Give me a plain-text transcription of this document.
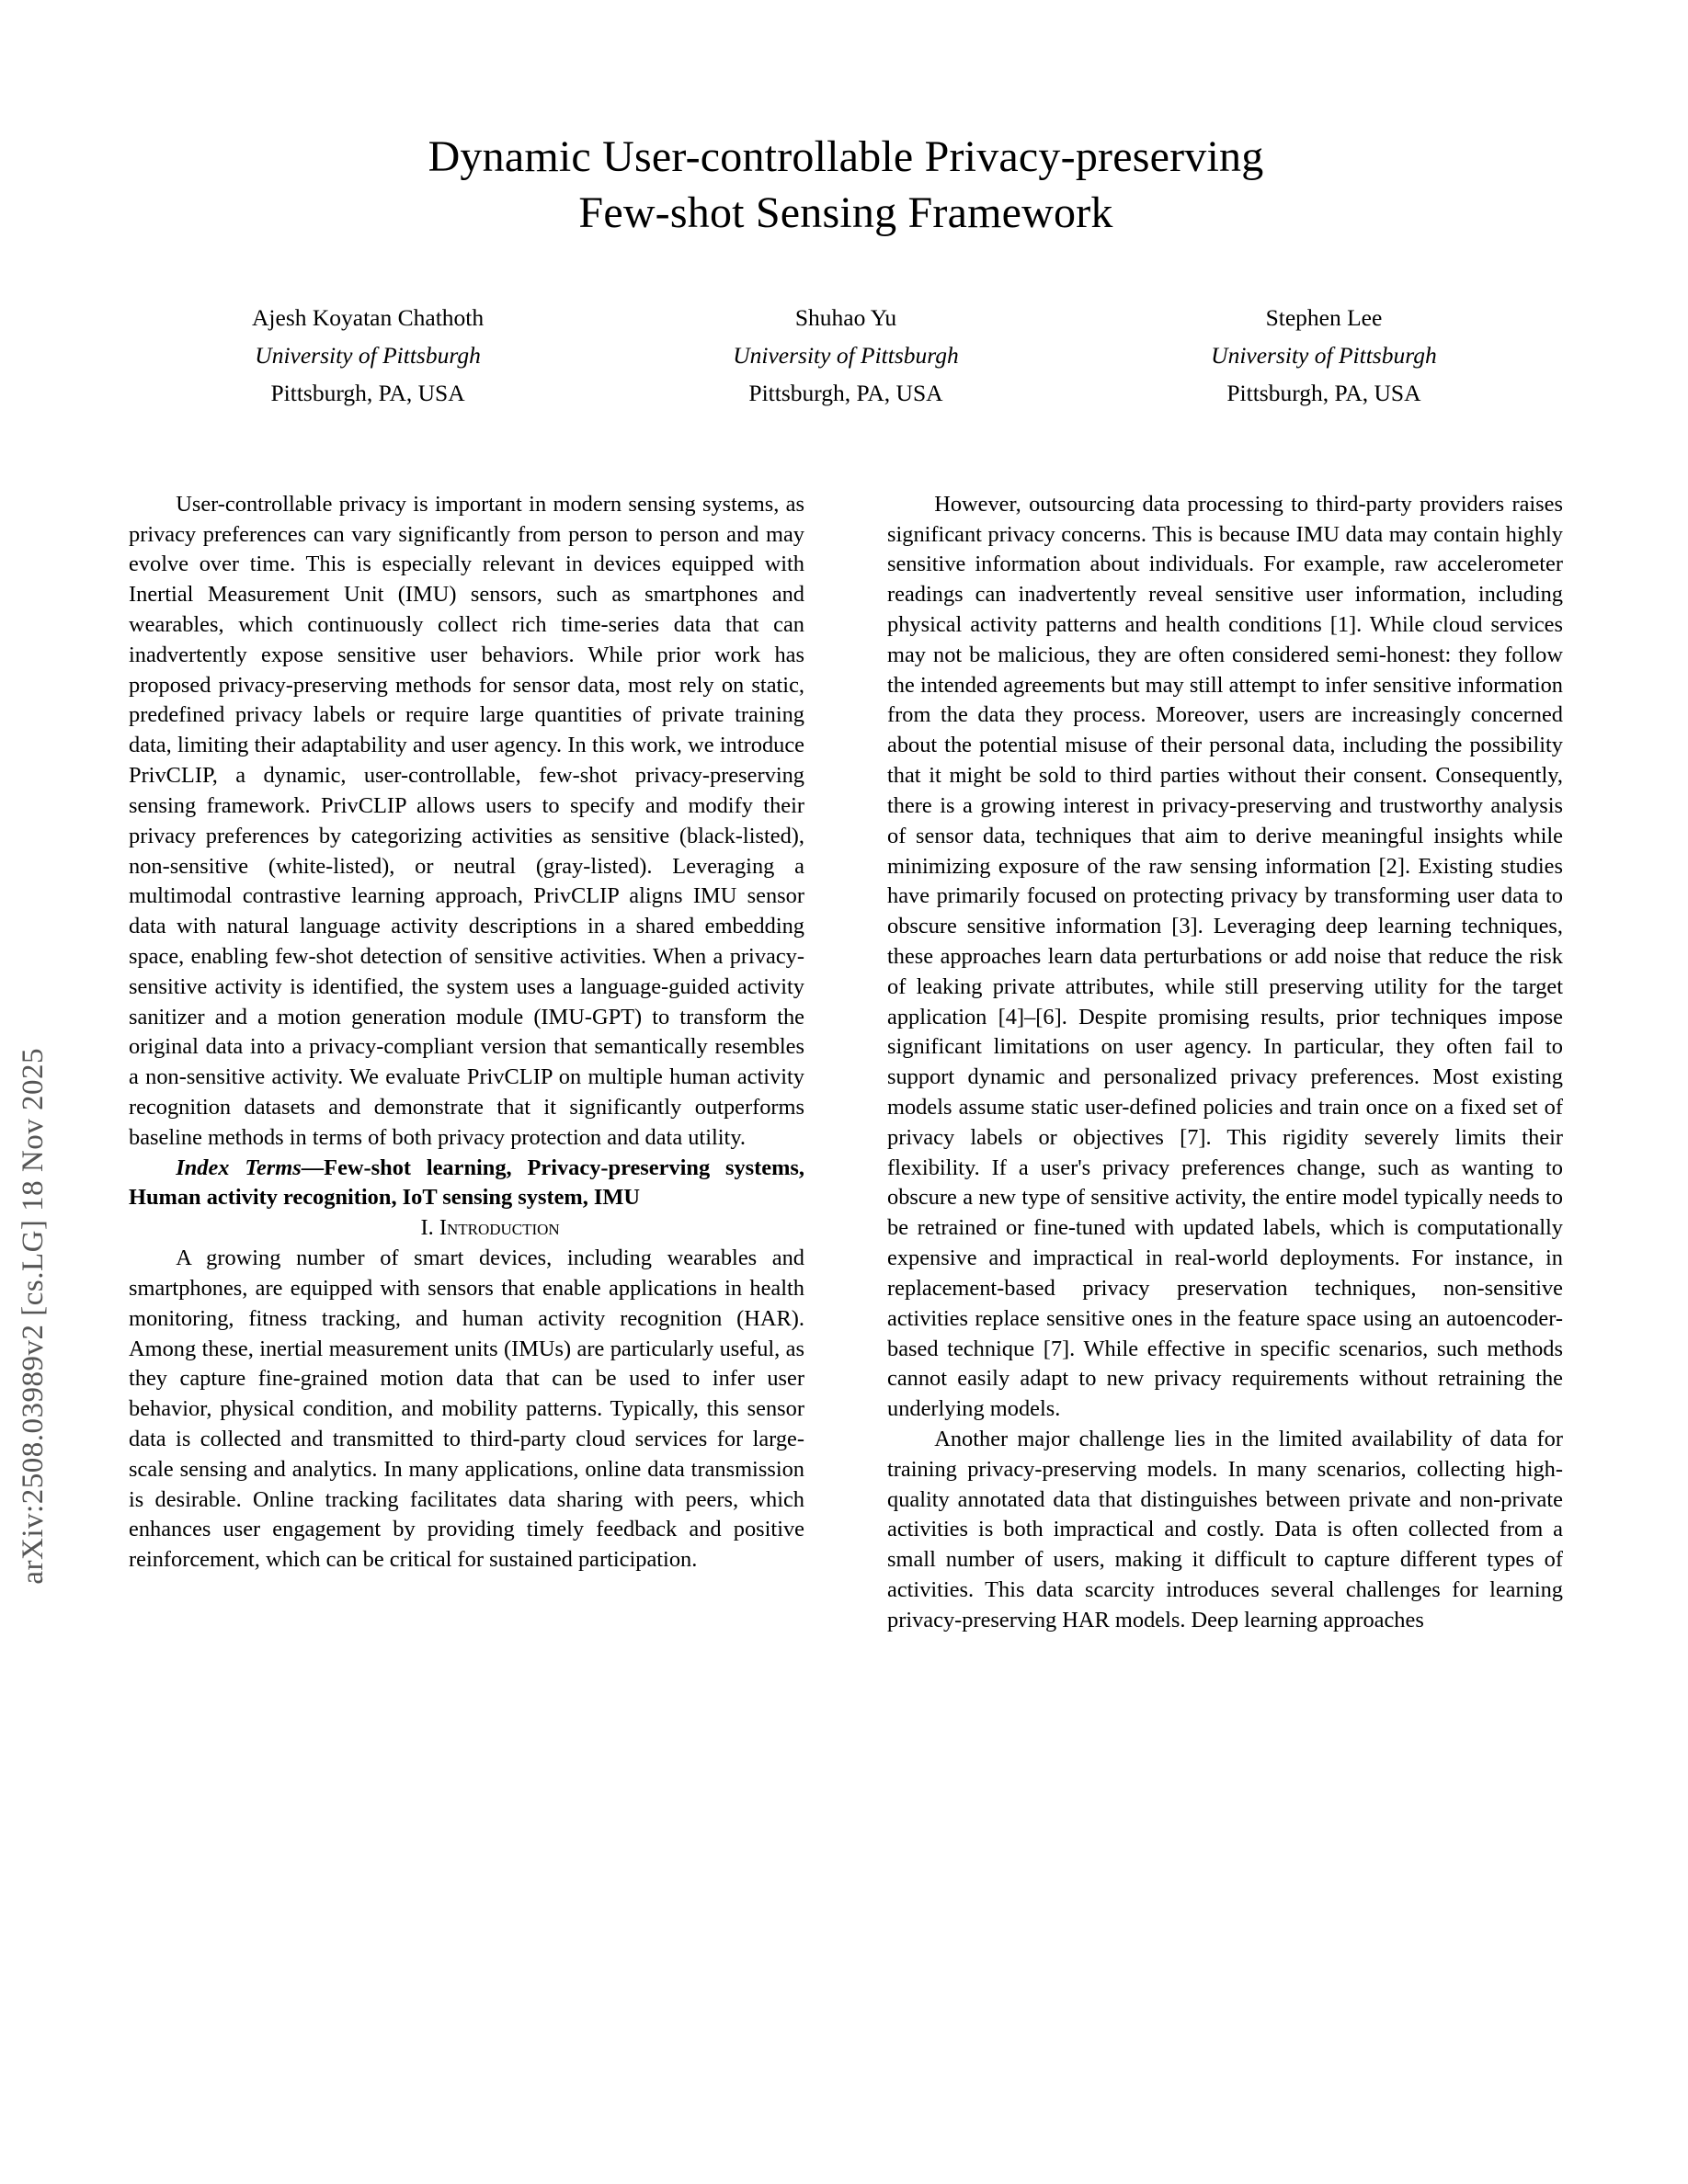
arXiv:2508.03989v2 [cs.LG] 18 Nov 2025
Dynamic User-controllable Privacy-preserving
Few-shot Sensing Framework
Ajesh Koyatan Chathoth
University of Pittsburgh
Pittsburgh, PA, USA
Shuhao Yu
University of Pittsburgh
Pittsburgh, PA, USA
Stephen Lee
University of Pittsburgh
Pittsburgh, PA, USA

User-controllable privacy is important in modern sensing systems, as privacy preferences can vary significantly from person to person and may evolve over time. This is especially relevant in devices equipped with Inertial Measurement Unit (IMU) sensors, such as smartphones and wearables, which continuously collect rich time-series data that can inadvertently expose sensitive user behaviors. While prior work has proposed privacy-preserving methods for sensor data, most rely on static, predefined privacy labels or require large quantities of private training data, limiting their adaptability and user agency. In this work, we introduce PrivCLIP, a dynamic, user-controllable, few-shot privacy-preserving sensing framework. PrivCLIP allows users to specify and modify their privacy preferences by categorizing activities as sensitive (black-listed), non-sensitive (white-listed), or neutral (gray-listed). Leveraging a multimodal contrastive learning approach, PrivCLIP aligns IMU sensor data with natural language activity descriptions in a shared embedding space, enabling few-shot detection of sensitive activities. When a privacy-sensitive activity is identified, the system uses a language-guided activity sanitizer and a motion generation module (IMU-GPT) to transform the original data into a privacy-compliant version that semantically resembles a non-sensitive activity. We evaluate PrivCLIP on multiple human activity recognition datasets and demonstrate that it significantly outperforms baseline methods in terms of both privacy protection and data utility.

Index Terms—Few-shot learning, Privacy-preserving systems, Human activity recognition, IoT sensing system, IMU

I. Introduction

A growing number of smart devices, including wearables and smartphones, are equipped with sensors that enable applications in health monitoring, fitness tracking, and human activity recognition (HAR). Among these, inertial measurement units (IMUs) are particularly useful, as they capture fine-grained motion data that can be used to infer user behavior, physical condition, and mobility patterns. Typically, this sensor data is collected and transmitted to third-party cloud services for large-scale sensing and analytics. In many applications, online data transmission is desirable. Online tracking facilitates data sharing with peers, which enhances user engagement by providing timely feedback and positive reinforcement, which can be critical for sustained participation.

However, outsourcing data processing to third-party providers raises significant privacy concerns. This is because IMU data may contain highly sensitive information about individuals. For example, raw accelerometer readings can inadvertently reveal sensitive user information, including physical activity patterns and health conditions [1]. While cloud services may not be malicious, they are often considered semi-honest: they follow the intended agreements but may still attempt to infer sensitive information from the data they process. Moreover, users are increasingly concerned about the potential misuse of their personal data, including the possibility that it might be sold to third parties without their consent. Consequently, there is a growing interest in privacy-preserving and trustworthy analysis of sensor data, techniques that aim to derive meaningful insights while minimizing exposure of the raw sensing information [2]. Existing studies have primarily focused on protecting privacy by transforming user data to obscure sensitive information [3]. Leveraging deep learning techniques, these approaches learn data perturbations or add noise that reduce the risk of leaking private attributes, while still preserving utility for the target application [4]–[6]. Despite promising results, prior techniques impose significant limitations on user agency. In particular, they often fail to support dynamic and personalized privacy preferences. Most existing models assume static user-defined policies and train once on a fixed set of privacy labels or objectives [7]. This rigidity severely limits their flexibility. If a user's privacy preferences change, such as wanting to obscure a new type of sensitive activity, the entire model typically needs to be retrained or fine-tuned with updated labels, which is computationally expensive and impractical in real-world deployments. For instance, in replacement-based privacy preservation techniques, non-sensitive activities replace sensitive ones in the feature space using an autoencoder-based technique [7]. While effective in specific scenarios, such methods cannot easily adapt to new privacy requirements without retraining the underlying models.

Another major challenge lies in the limited availability of data for training privacy-preserving models. In many scenarios, collecting high-quality annotated data that distinguishes between private and non-private activities is both impractical and costly. Data is often collected from a small number of users, making it difficult to capture different types of activities. This data scarcity introduces several challenges for learning privacy-preserving HAR models. Deep learning approaches
